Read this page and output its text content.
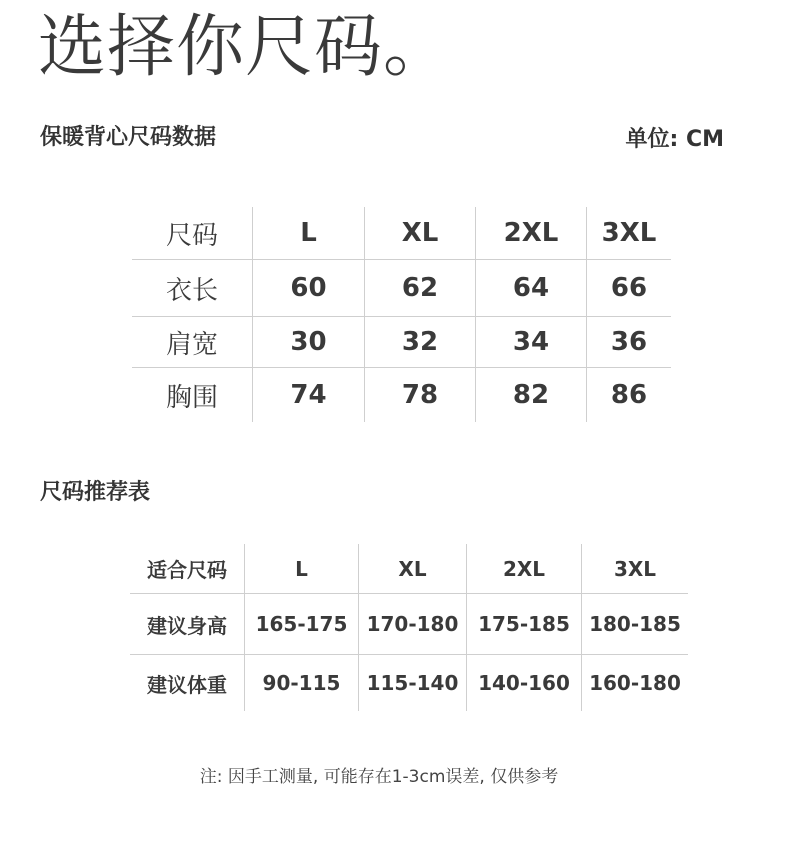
选择你尺码。
保暖背心尺码数据	单位: CM
尺码	L	XL	2XL	3XL
衣长	60	62	64	66
肩宽	30	32	34	36
胸围	74	78	82	86
尺码推荐表
适合尺码	L	XL	2XL	3XL
建议身高	165-175	170-180	175-185	180-185
建议体重	90-115	115-140	140-160	160-180
注: 因手工测量, 可能存在1-3cm误差, 仅供参考
